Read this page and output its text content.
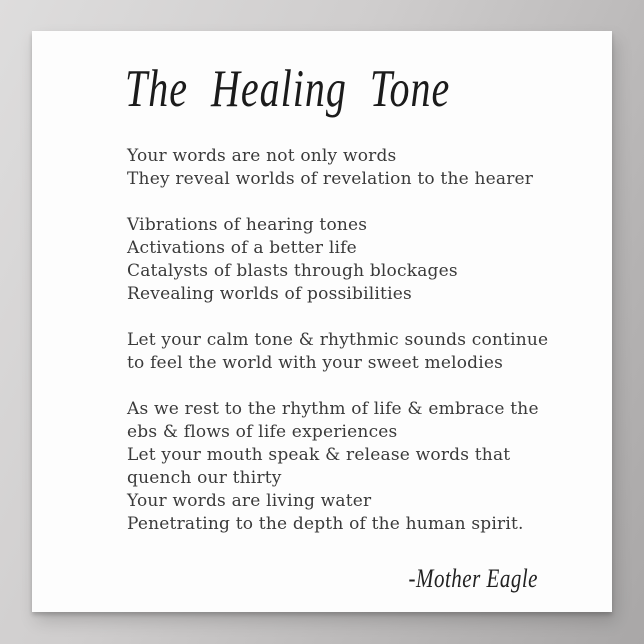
The Healing Tone

Your words are not only words

They reveal worlds of revelation to the hearer

Vibrations of hearing tones

Activations of a better life

Catalysts of blasts through blockages

Revealing worlds of possibilities

Let your calm tone & rhythmic sounds continue

to feel the world with your sweet melodies

As we rest to the rhythm of life & embrace the

ebs & flows of life experiences

Let your mouth speak & release words that

quench our thirty

Your words are living water

Penetrating to the depth of the human spirit.

-Mother Eagle
